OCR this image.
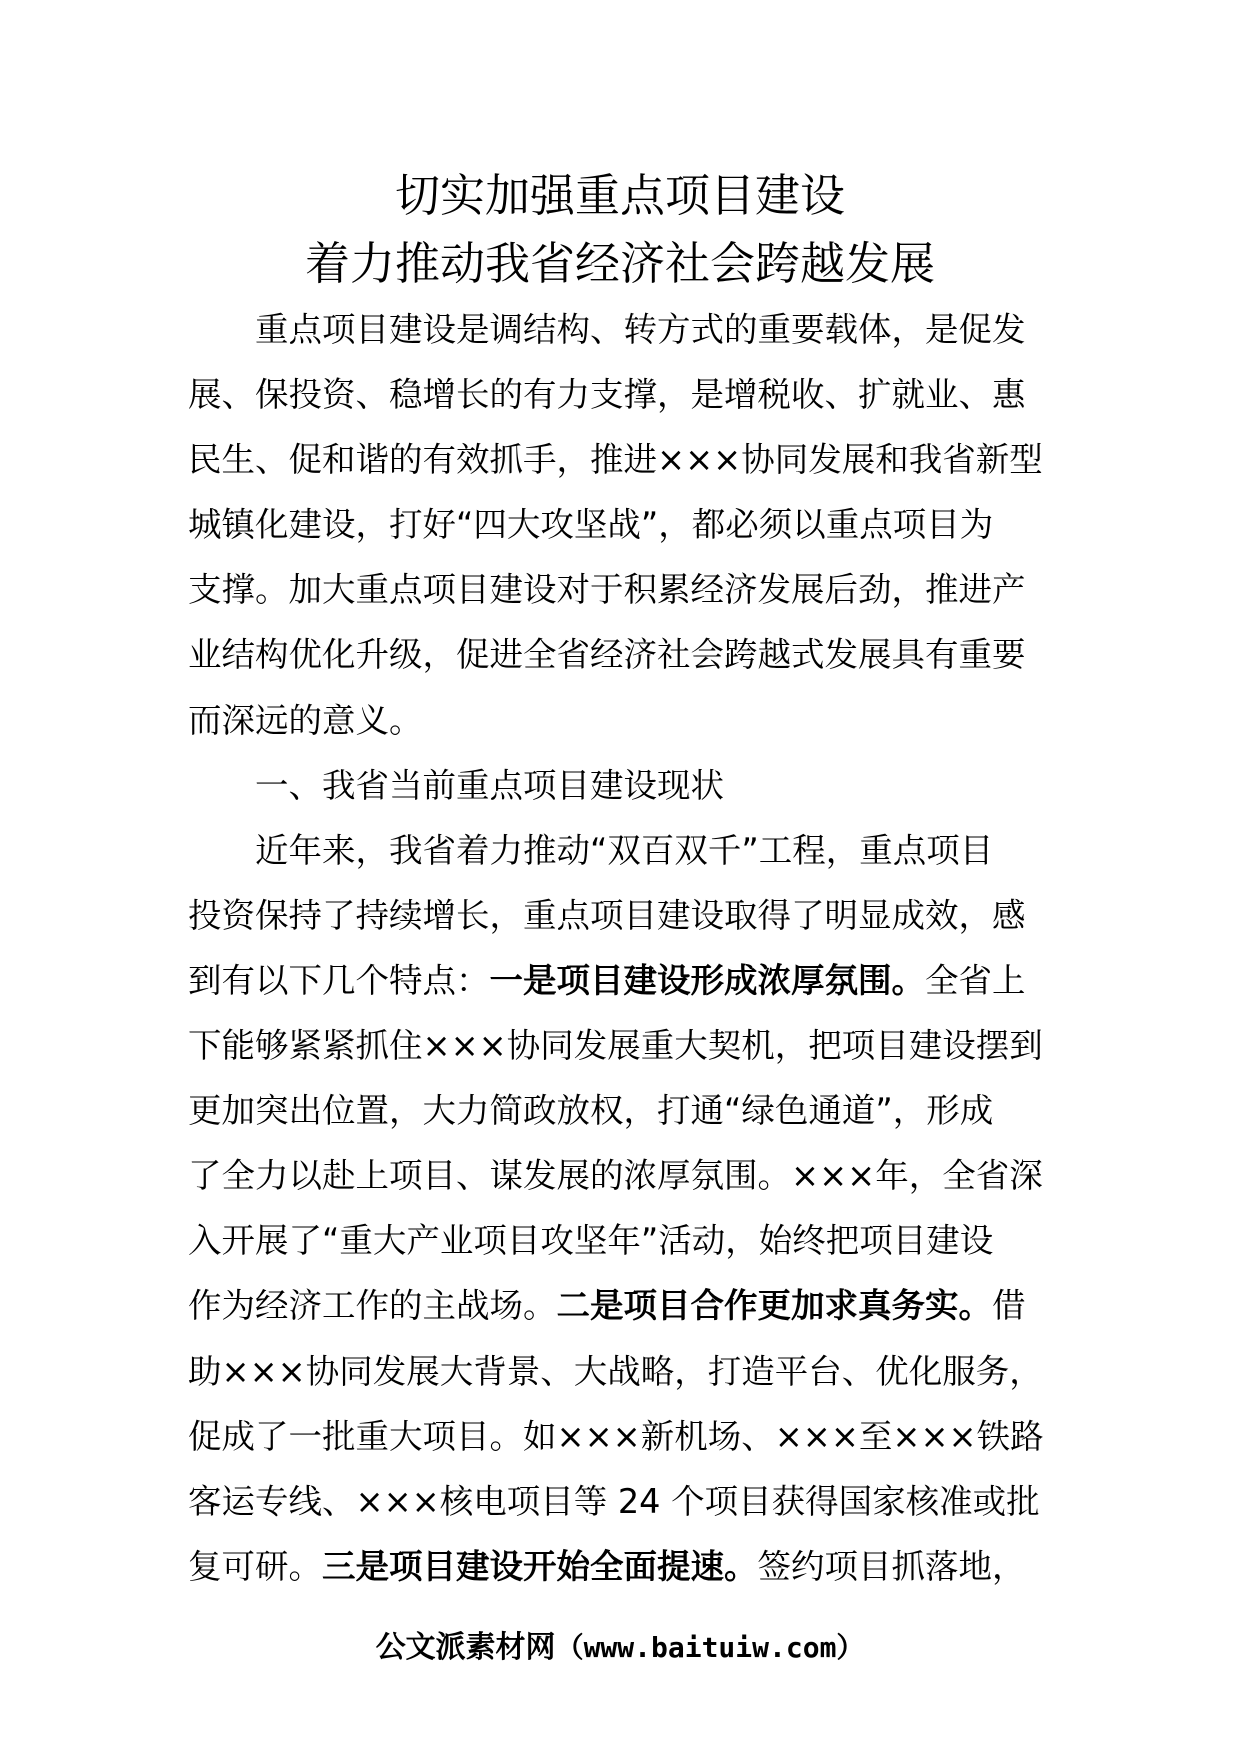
切实加强重点项目建设
着力推动我省经济社会跨越发展
重点项目建设是调结构、转方式的重要载体，是促发
展、保投资、稳增长的有力支撑，是增税收、扩就业、惠
民生、促和谐的有效抓手，推进×××协同发展和我省新型
城镇化建设，打好“四大攻坚战”，都必须以重点项目为
支撑。加大重点项目建设对于积累经济发展后劲，推进产
业结构优化升级，促进全省经济社会跨越式发展具有重要
而深远的意义。
一、我省当前重点项目建设现状
近年来，我省着力推动“双百双千”工程，重点项目
投资保持了持续增长，重点项目建设取得了明显成效，感
到有以下几个特点：一是项目建设形成浓厚氛围。全省上
下能够紧紧抓住×××协同发展重大契机，把项目建设摆到
更加突出位置，大力简政放权，打通“绿色通道”，形成
了全力以赴上项目、谋发展的浓厚氛围。×××年，全省深
入开展了“重大产业项目攻坚年”活动，始终把项目建设
作为经济工作的主战场。二是项目合作更加求真务实。借
助×××协同发展大背景、大战略，打造平台、优化服务，
促成了一批重大项目。如×××新机场、×××至×××铁路
客运专线、×××核电项目等 24 个项目获得国家核准或批
复可研。三是项目建设开始全面提速。签约项目抓落地，
公文派素材网（www.baituiw.com）
